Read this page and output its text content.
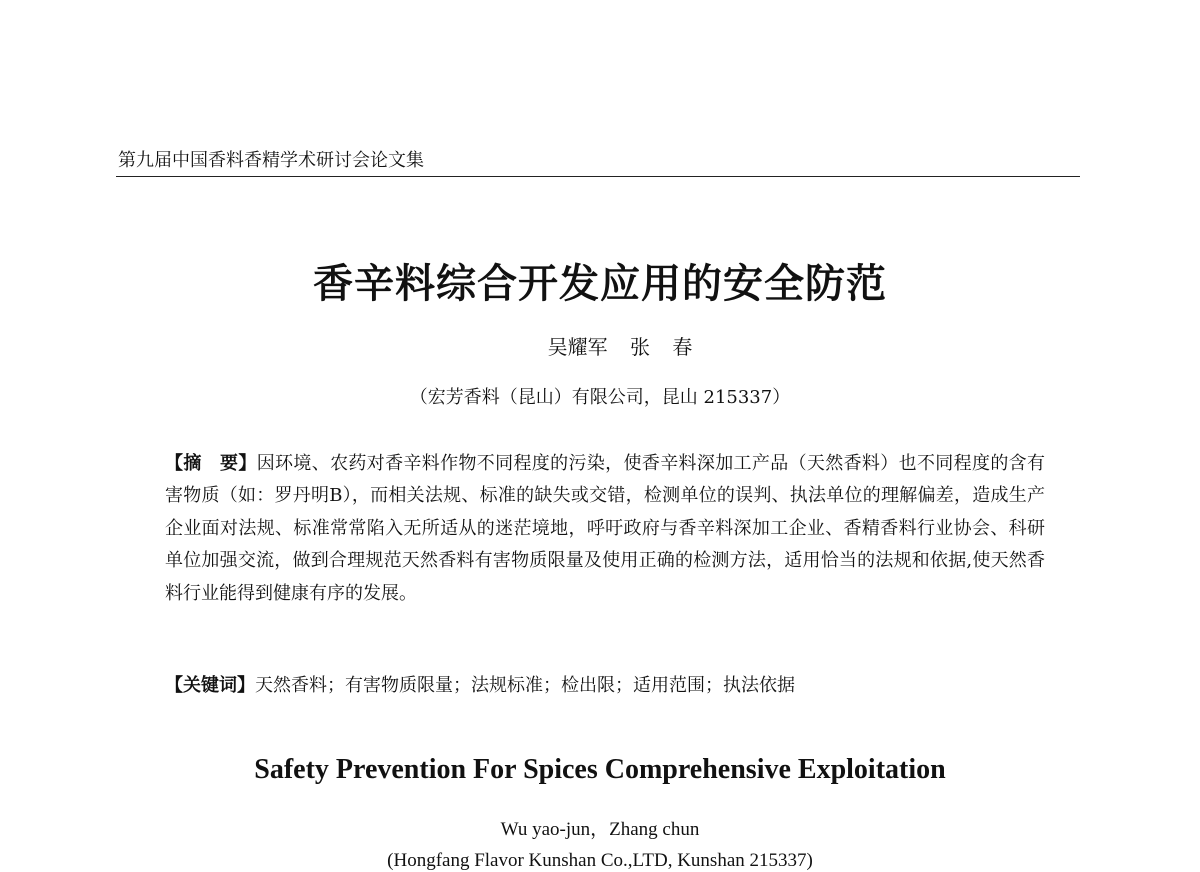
第九届中国香料香精学术研讨会论文集
香辛料综合开发应用的安全防范
吴耀军 张 春
（宏芳香料（昆山）有限公司，昆山 215337）
【摘　要】因环境、农药对香辛料作物不同程度的污染，使香辛料深加工产品（天然香料）也不同程度的含有害物质（如：罗丹明B），而相关法规、标准的缺失或交错，检测单位的误判、执法单位的理解偏差，造成生产企业面对法规、标准常常陷入无所适从的迷茫境地，呼吁政府与香辛料深加工企业、香精香料行业协会、科研单位加强交流，做到合理规范天然香料有害物质限量及使用正确的检测方法，适用恰当的法规和依据,使天然香料行业能得到健康有序的发展。
【关键词】天然香料；有害物质限量；法规标准；检出限；适用范围；执法依据
Safety Prevention For Spices Comprehensive Exploitation
Wu yao-jun，Zhang chun
(Hongfang Flavor Kunshan Co.,LTD, Kunshan 215337)
